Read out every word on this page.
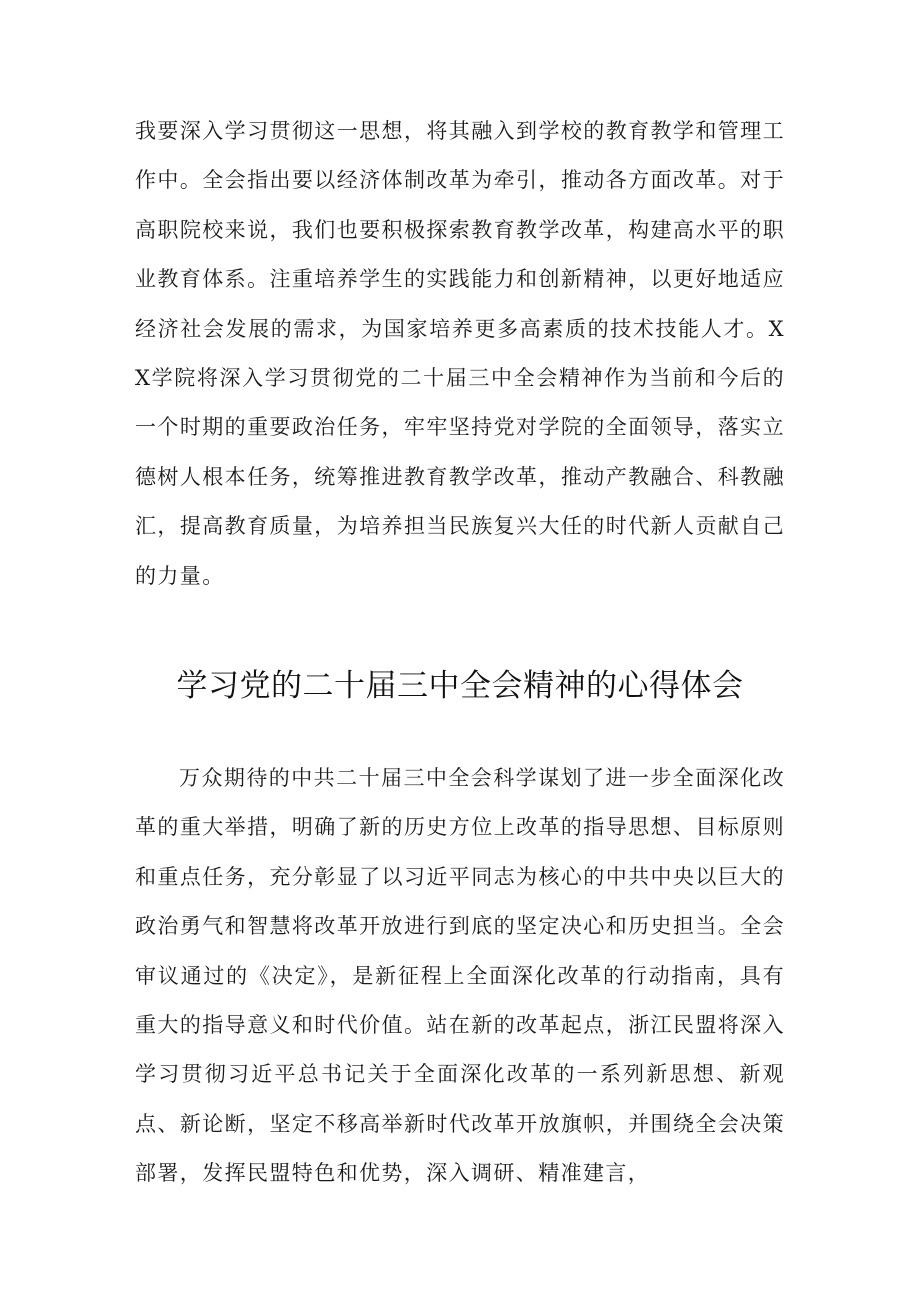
我要深入学习贯彻这一思想，将其融入到学校的教育教学和管理工作中。全会指出要以经济体制改革为牵引，推动各方面改革。对于高职院校来说，我们也要积极探索教育教学改革，构建高水平的职业教育体系。注重培养学生的实践能力和创新精神，以更好地适应经济社会发展的需求，为国家培养更多高素质的技术技能人才。XX学院将深入学习贯彻党的二十届三中全会精神作为当前和今后的一个时期的重要政治任务，牢牢坚持党对学院的全面领导，落实立德树人根本任务，统筹推进教育教学改革，推动产教融合、科教融汇，提高教育质量，为培养担当民族复兴大任的时代新人贡献自己的力量。

学习党的二十届三中全会精神的心得体会

万众期待的中共二十届三中全会科学谋划了进一步全面深化改革的重大举措，明确了新的历史方位上改革的指导思想、目标原则和重点任务，充分彰显了以习近平同志为核心的中共中央以巨大的政治勇气和智慧将改革开放进行到底的坚定决心和历史担当。全会审议通过的《决定》，是新征程上全面深化改革的行动指南，具有重大的指导意义和时代价值。站在新的改革起点，浙江民盟将深入学习贯彻习近平总书记关于全面深化改革的一系列新思想、新观点、新论断，坚定不移高举新时代改革开放旗帜，并围绕全会决策部署，发挥民盟特色和优势，深入调研、精准建言，
